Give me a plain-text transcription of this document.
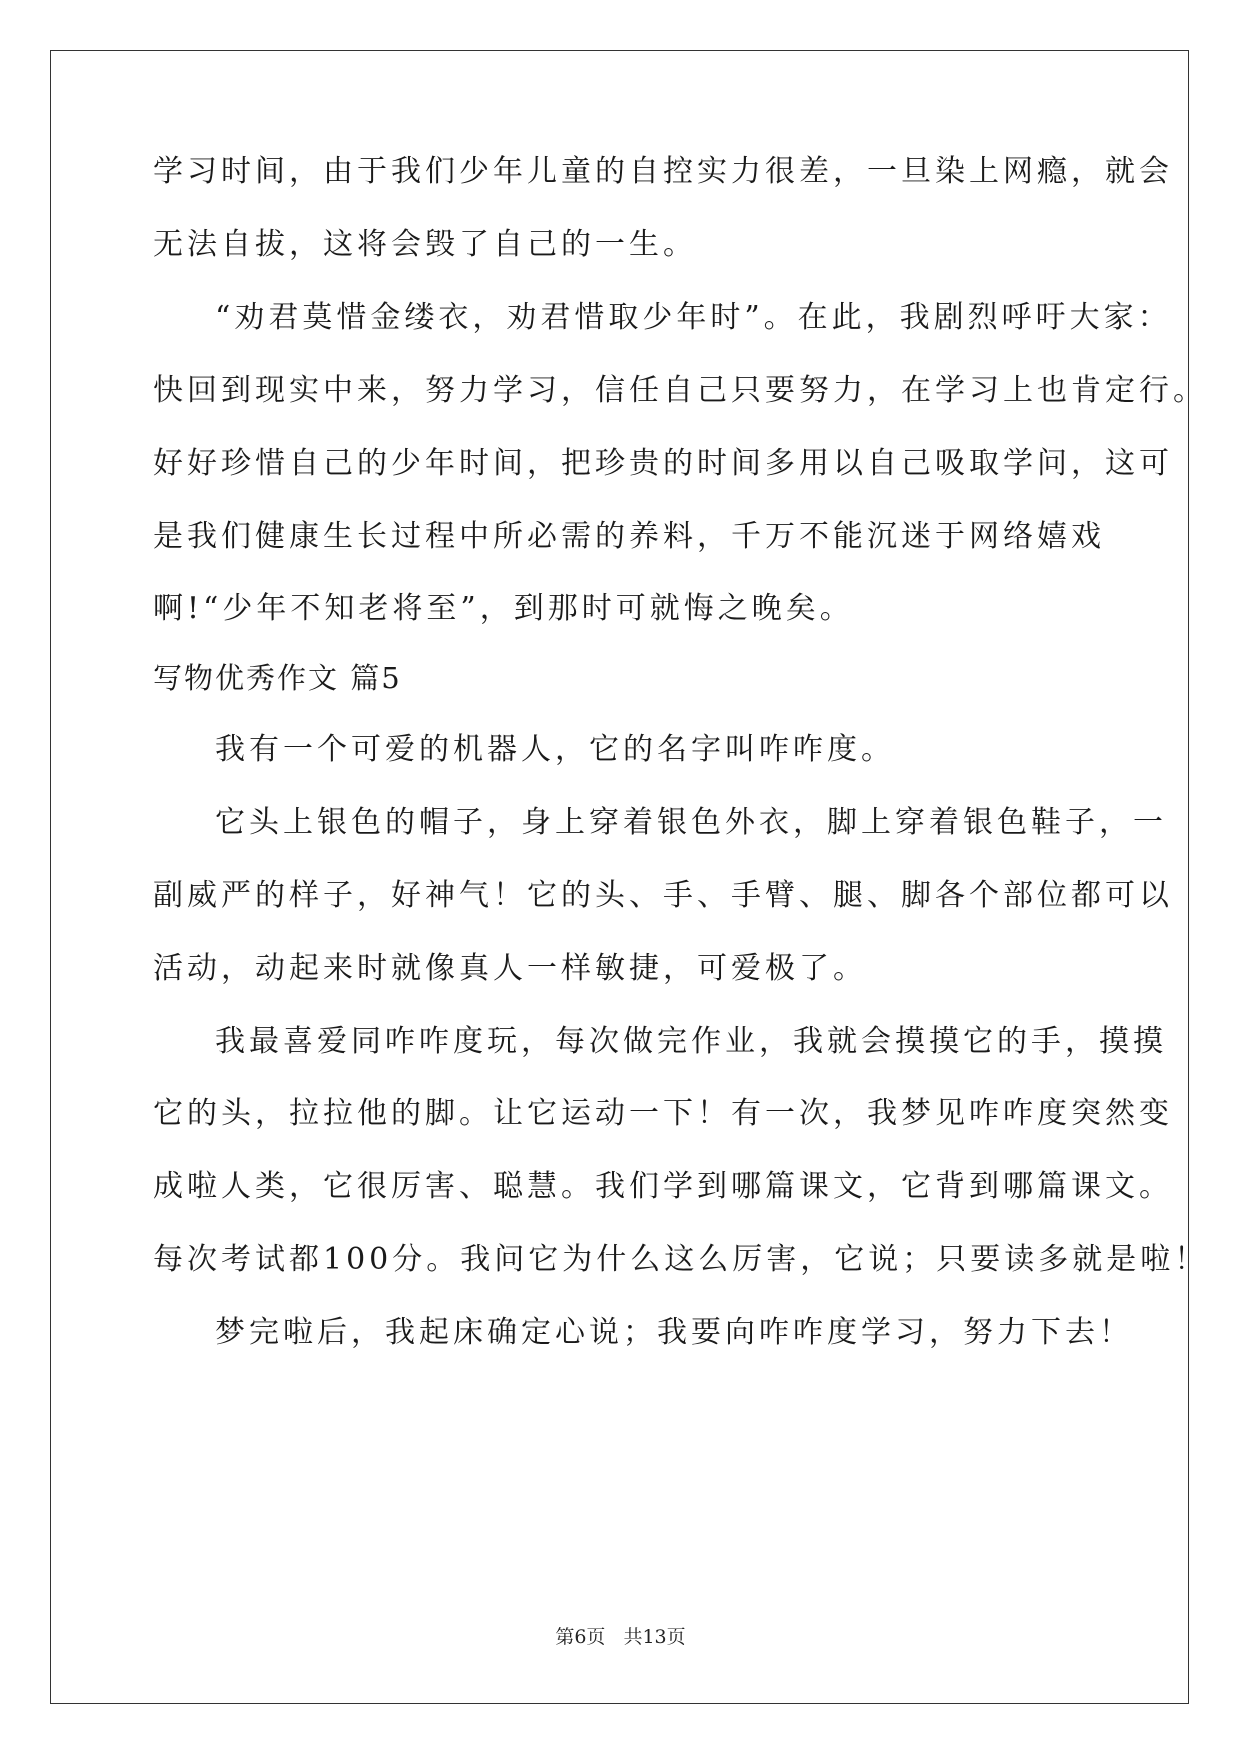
学习时间，由于我们少年儿童的自控实力很差，一旦染上网瘾，就会
无法自拔，这将会毁了自己的一生。
“劝君莫惜金缕衣，劝君惜取少年时”。在此，我剧烈呼吁大家：
快回到现实中来，努力学习，信任自己只要努力，在学习上也肯定行。
好好珍惜自己的少年时间，把珍贵的时间多用以自己吸取学问，这可
是我们健康生长过程中所必需的养料，千万不能沉迷于网络嬉戏
啊!“少年不知老将至”，到那时可就悔之晚矣。
写物优秀作文 篇5
我有一个可爱的机器人，它的名字叫咋咋度。
它头上银色的帽子，身上穿着银色外衣，脚上穿着银色鞋子，一
副威严的样子，好神气！它的头、手、手臂、腿、脚各个部位都可以
活动，动起来时就像真人一样敏捷，可爱极了。
我最喜爱同咋咋度玩，每次做完作业，我就会摸摸它的手，摸摸
它的头，拉拉他的脚。让它运动一下！有一次，我梦见咋咋度突然变
成啦人类，它很厉害、聪慧。我们学到哪篇课文，它背到哪篇课文。
每次考试都100分。我问它为什么这么厉害，它说；只要读多就是啦！
梦完啦后，我起床确定心说；我要向咋咋度学习，努力下去！
第6页 共13页
